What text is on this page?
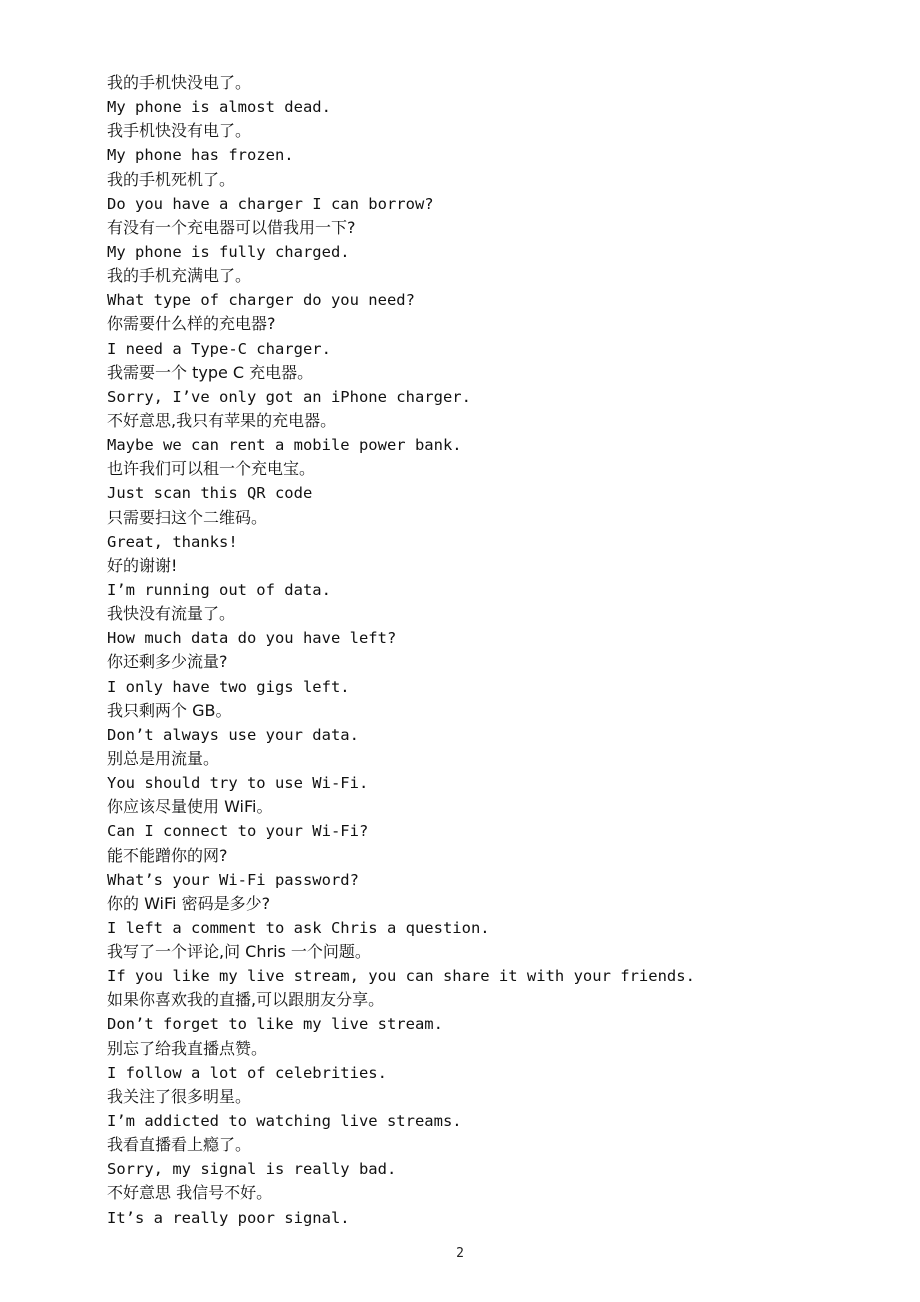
我的手机快没电了。
My phone is almost dead.
我手机快没有电了。
My phone has frozen.
我的手机死机了。
Do you have a charger I can borrow?
有没有一个充电器可以借我用一下?
My phone is fully charged.
我的手机充满电了。
What type of charger do you need?
你需要什么样的充电器?
I need a Type-C charger.
我需要一个 type C 充电器。
Sorry, I’ve only got an iPhone charger.
不好意思,我只有苹果的充电器。
Maybe we can rent a mobile power bank.
也许我们可以租一个充电宝。
Just scan this QR code
只需要扫这个二维码。
Great, thanks!
好的谢谢!
I’m running out of data.
我快没有流量了。
How much data do you have left?
你还剩多少流量?
I only have two gigs left.
我只剩两个 GB。
Don’t always use your data.
别总是用流量。
You should try to use Wi-Fi.
你应该尽量使用 WiFi。
Can I connect to your Wi-Fi?
能不能蹭你的网?
What’s your Wi-Fi password?
你的 WiFi 密码是多少?
I left a comment to ask Chris a question.
我写了一个评论,问 Chris 一个问题。
If you like my live stream, you can share it with your friends.
如果你喜欢我的直播,可以跟朋友分享。
Don’t forget to like my live stream.
别忘了给我直播点赞。
I follow a lot of celebrities.
我关注了很多明星。
I’m addicted to watching live streams.
我看直播看上瘾了。
Sorry, my signal is really bad.
不好意思 我信号不好。
It’s a really poor signal.
2
